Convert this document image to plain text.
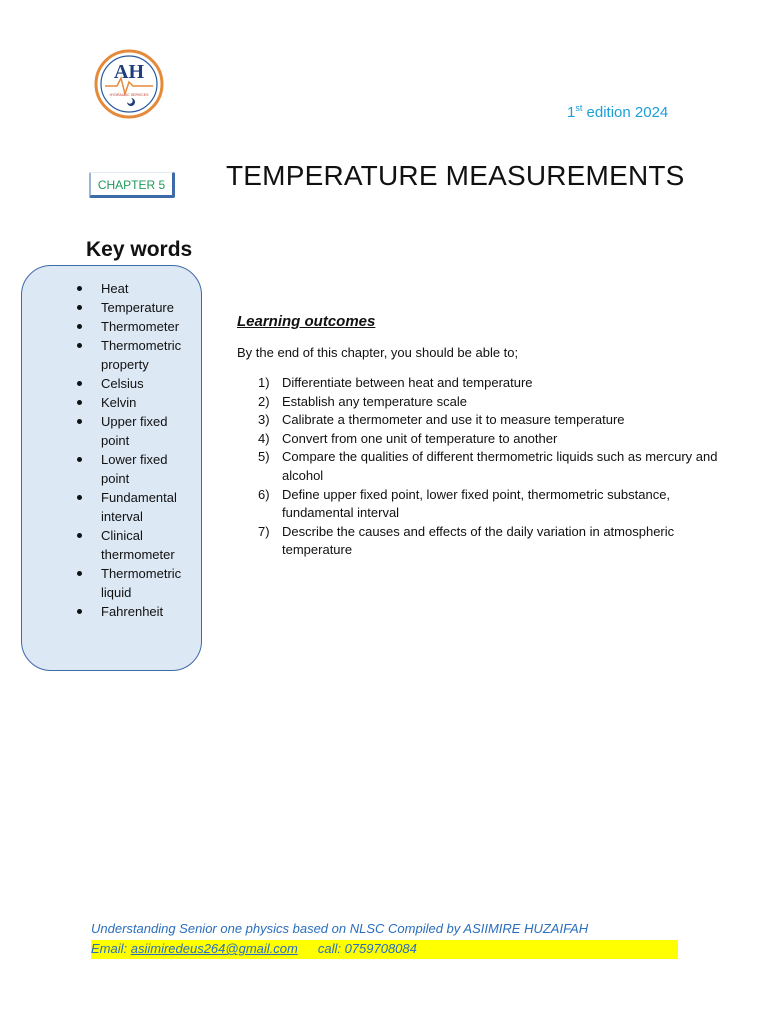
AH
HYDRAULIC SERVICES
1st edition 2024
CHAPTER 5	TEMPERATURE MEASUREMENTS
Key words
Heat
Temperature
Thermometer
Thermometric property
Celsius
Kelvin
Upper fixed point
Lower fixed point
Fundamental interval
Clinical thermometer
Thermometric liquid
Fahrenheit
Learning outcomes
By the end of this chapter, you should be able to;
1) Differentiate between heat and temperature
2) Establish any temperature scale
3) Calibrate a thermometer and use it to measure temperature
4) Convert from one unit of temperature to another
5) Compare the qualities of different thermometric liquids such as mercury and alcohol
6) Define upper fixed point, lower fixed point, thermometric substance, fundamental interval
7) Describe the causes and effects of the daily variation in atmospheric temperature
Understanding Senior one physics based on NLSC Compiled by ASIIMIRE HUZAIFAH
Email: asiimiredeus264@gmail.com call: 0759708084
